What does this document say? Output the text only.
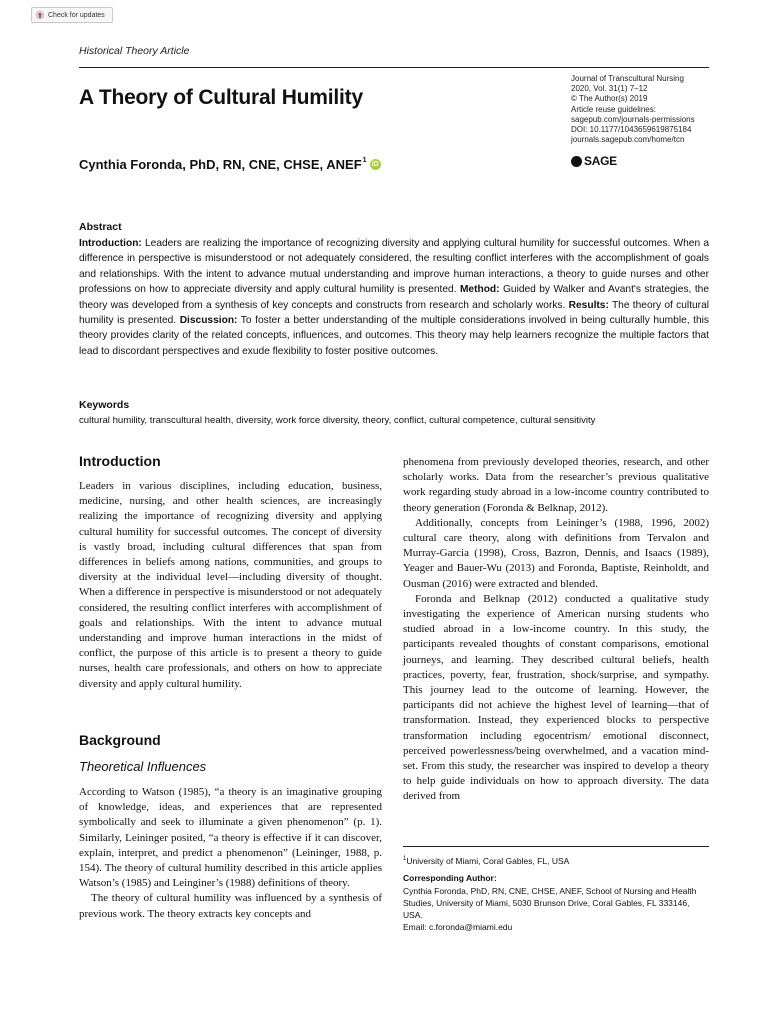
Check for updates
Historical Theory Article
A Theory of Cultural Humility
Journal of Transcultural Nursing
2020, Vol. 31(1) 7–12
© The Author(s) 2019
Article reuse guidelines:
sagepub.com/journals-permissions
DOI: 10.1177/1043659619875184
journals.sagepub.com/home/tcn
SAGE
Cynthia Foronda, PhD, RN, CNE, CHSE, ANEF$^1$
iD
Abstract
Introduction: Leaders are realizing the importance of recognizing diversity and applying cultural humility for successful outcomes. When a difference in perspective is misunderstood or not adequately considered, the resulting conflict interferes with the accomplishment of goals and relationships. With the intent to advance mutual understanding and improve human interactions, a theory to guide nurses and other professions on how to appreciate diversity and apply cultural humility is presented. Method: Guided by Walker and Avant's strategies, the theory was developed from a synthesis of key concepts and constructs from research and scholarly works. Results: The theory of cultural humility is presented. Discussion: To foster a better understanding of the multiple considerations involved in being culturally humble, this theory provides clarity of the related concepts, influences, and outcomes. This theory may help learners recognize the multiple factors that lead to discordant perspectives and exude flexibility to foster positive outcomes.
Keywords
cultural humility, transcultural health, diversity, work force diversity, theory, conflict, cultural competence, cultural sensitivity
Introduction

Leaders in various disciplines, including education, business, medicine, nursing, and other health sciences, are increasingly realizing the importance of recognizing diversity and applying cultural humility for successful outcomes. The concept of diversity is vastly broad, including cultural differences that span from differences in beliefs among nations, communities, and groups to diversity at the individual level—including diversity of thought. When a difference in perspective is misunderstood or not adequately considered, the resulting conflict interferes with accomplishment of goals and relationships. With the intent to advance mutual understanding and improve human interactions in the midst of conflict, the purpose of this article is to present a theory to guide nurses, health care professionals, and others on how to appreciate diversity and apply cultural humility.

Background
Theoretical Influences

According to Watson (1985), “a theory is an imaginative grouping of knowledge, ideas, and experiences that are represented symbolically and seek to illuminate a given phenomenon” (p. 1). Similarly, Leininger posited, “a theory is effective if it can discover, explain, interpret, and predict a phenomenon” (Leininger, 1988, p. 154). The theory of cultural humility described in this article applies Watson’s (1985) and Leinginer’s (1988) definitions of theory.

The theory of cultural humility was influenced by a synthesis of previous work. The theory extracts key concepts and

phenomena from previously developed theories, research, and other scholarly works. Data from the researcher’s previous qualitative work regarding study abroad in a low-income country contributed to theory generation (Foronda & Belknap, 2012).

Additionally, concepts from Leininger’s (1988, 1996, 2002) cultural care theory, along with definitions from Tervalon and Murray-Garcia (1998), Cross, Bazron, Dennis, and Isaacs (1989), Yeager and Bauer-Wu (2013) and Foronda, Baptiste, Reinholdt, and Ousman (2016) were extracted and blended.

Foronda and Belknap (2012) conducted a qualitative study investigating the experience of American nursing students who studied abroad in a low-income country. In this study, the participants revealed thoughts of constant comparisons, emotional journeys, and learning. They described cultural beliefs, health practices, poverty, fear, frustration, shock/surprise, and sympathy. This journey lead to the outcome of learning. However, the participants did not achieve the highest level of learning—that of transformation. Instead, they experienced blocks to perspective transformation including egocentrism/ emotional disconnect, perceived powerlessness/being overwhelmed, and a vacation mind-set. From this study, the researcher was inspired to develop a theory to help guide individuals on how to approach diversity. The data derived from

$^1$University of Miami, Coral Gables, FL, USA
Corresponding Author:
Cynthia Foronda, PhD, RN, CNE, CHSE, ANEF, School of Nursing and Health Studies, University of Miami, 5030 Brunson Drive, Coral Gables, FL 333146, USA.
Email: c.foronda@miami.edu
